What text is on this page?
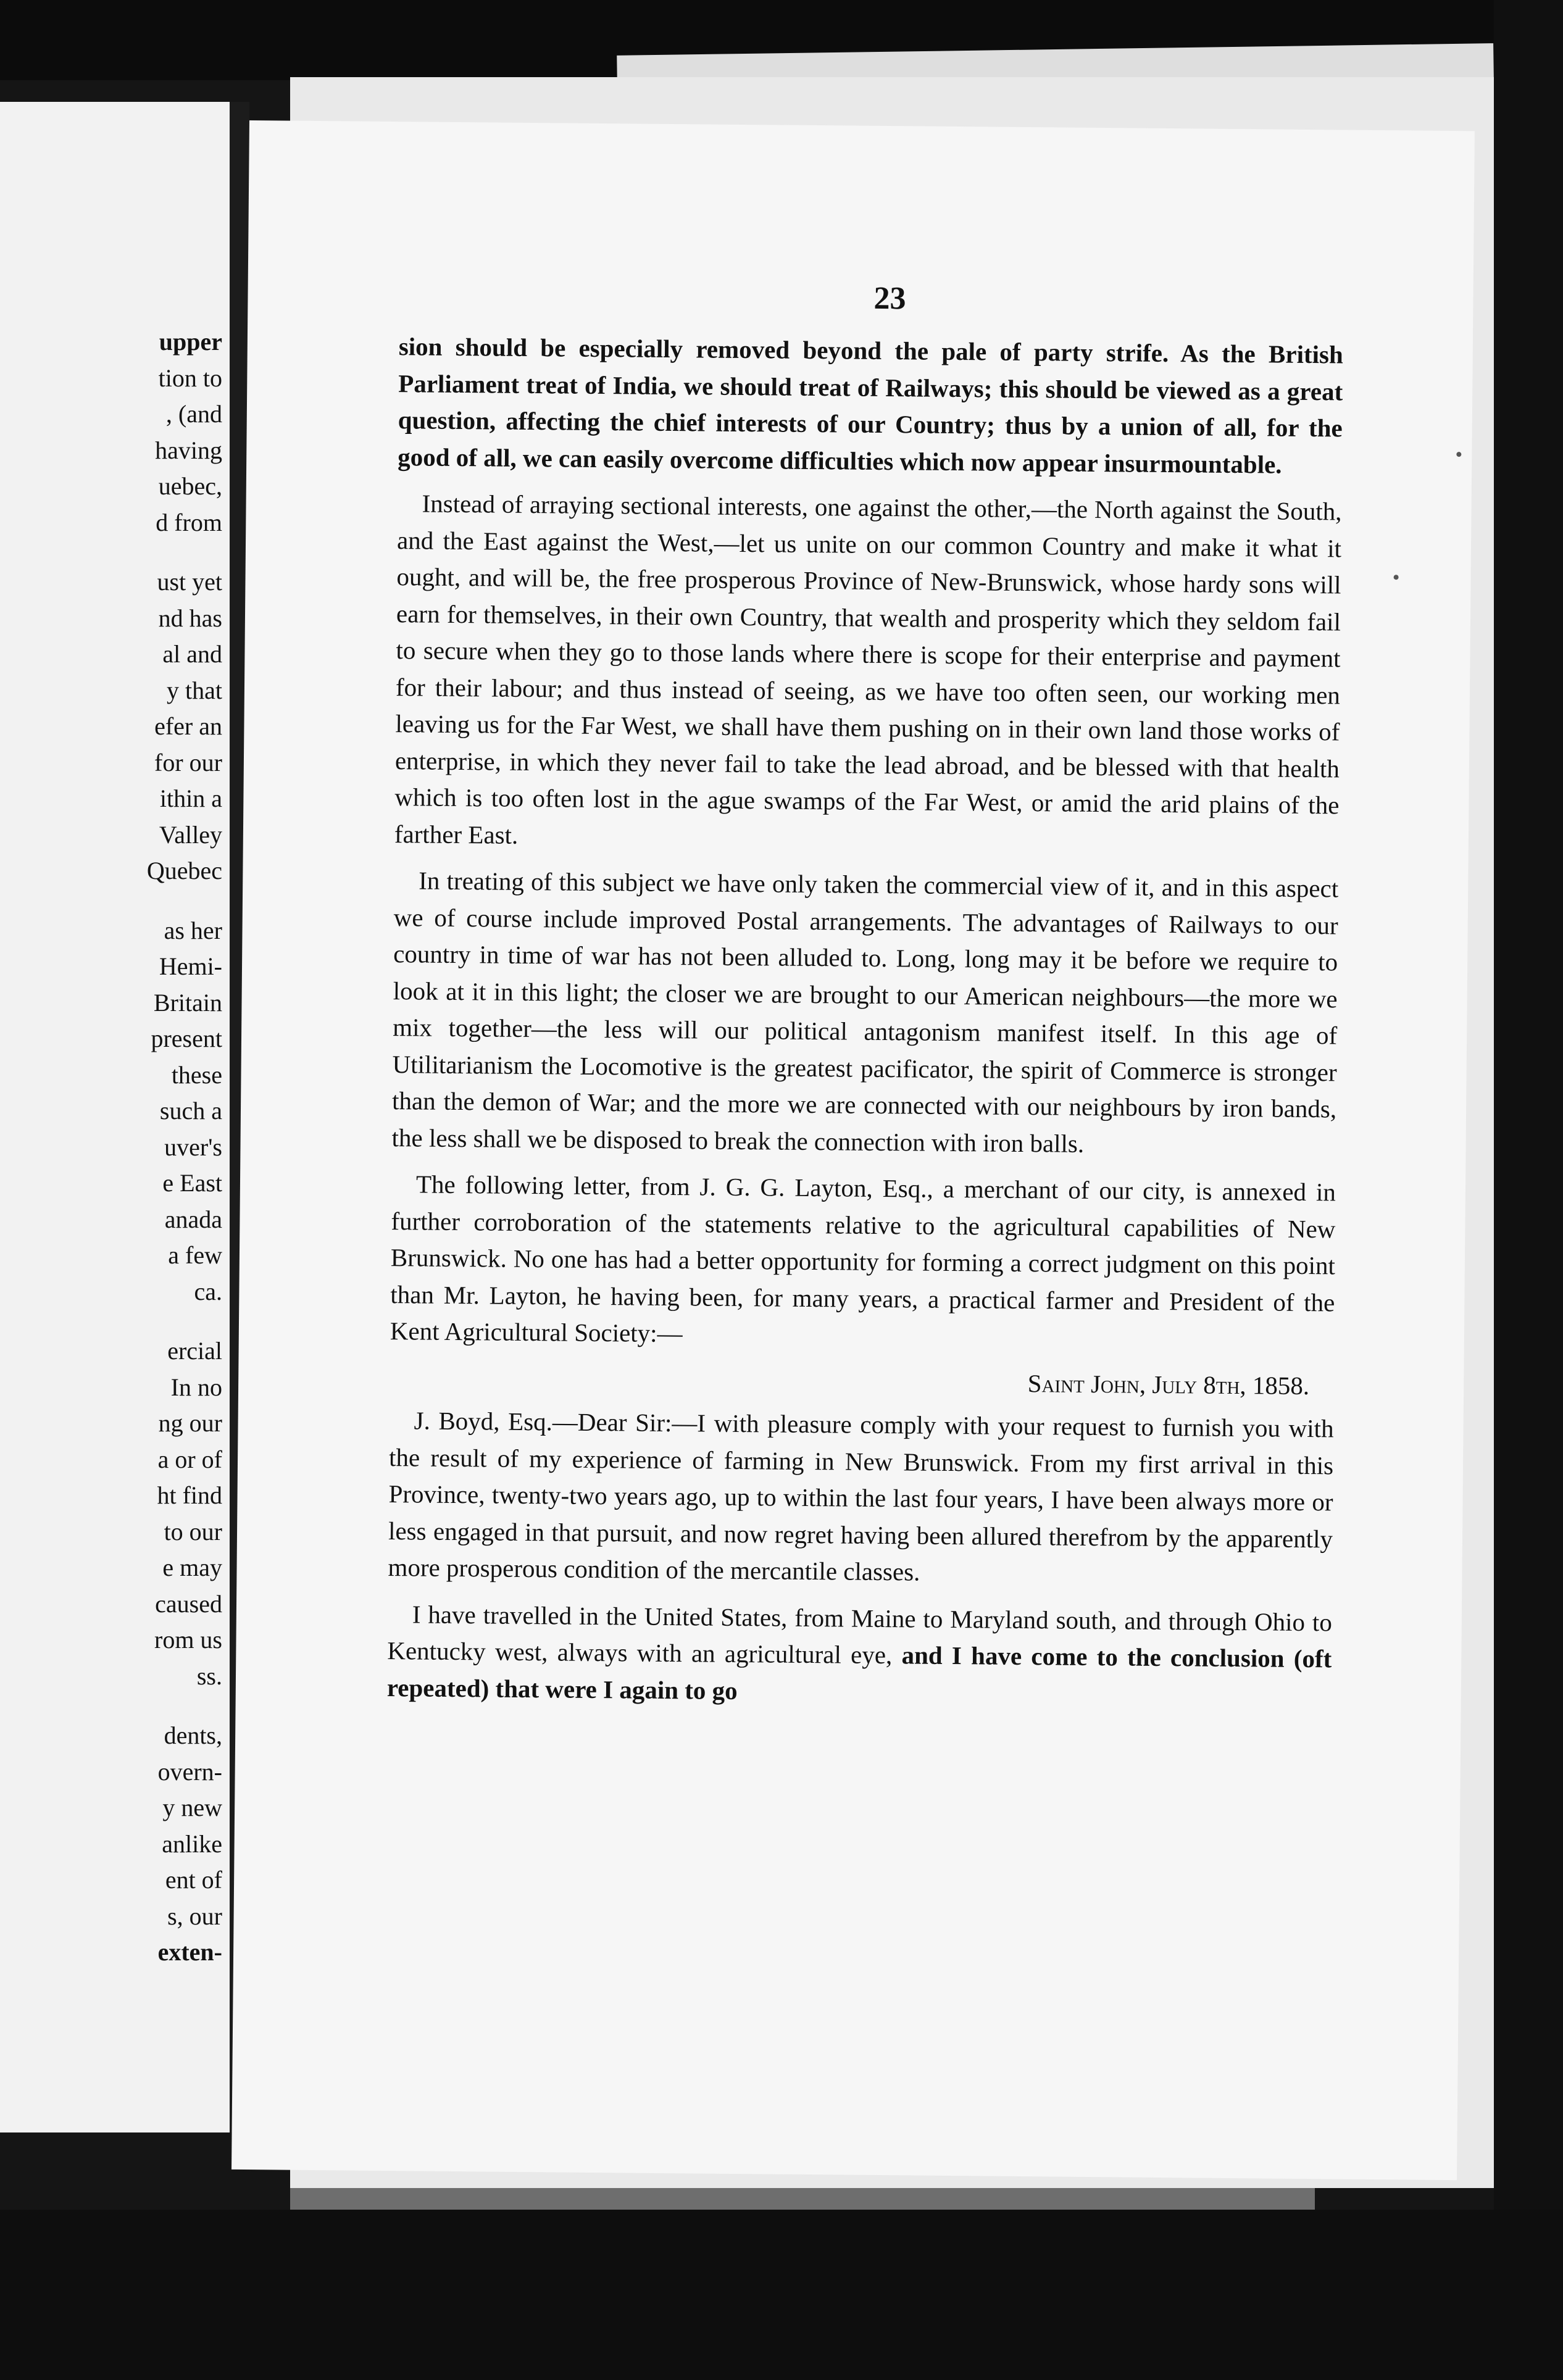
upper
tion to
, (and
having
uebec,
d from
ust yet
nd has
al and
y that
efer an
for our
ithin a
Valley
Quebec
as her
Hemi-
Britain
present
these
such a
uver's
e East
anada
a few
ca.
ercial
In no
ng our
a or of
ht find
to our
e may
caused
rom us
ss.
dents,
overn-
y new
anlike
ent of
s, our
exten-
23

sion should be especially removed beyond the pale of party strife. As the British Parliament treat of India, we should treat of Railways; this should be viewed as a great question, affecting the chief interests of our Country; thus by a union of all, for the good of all, we can easily overcome difficulties which now appear insurmountable.

Instead of arraying sectional interests, one against the other,—the North against the South, and the East against the West,—let us unite on our common Country and make it what it ought, and will be, the free prosperous Province of New-Brunswick, whose hardy sons will earn for themselves, in their own Country, that wealth and prosperity which they seldom fail to secure when they go to those lands where there is scope for their enterprise and payment for their labour; and thus instead of seeing, as we have too often seen, our working men leaving us for the Far West, we shall have them pushing on in their own land those works of enterprise, in which they never fail to take the lead abroad, and be blessed with that health which is too often lost in the ague swamps of the Far West, or amid the arid plains of the farther East.

In treating of this subject we have only taken the commercial view of it, and in this aspect we of course include improved Postal arrangements. The advantages of Railways to our country in time of war has not been alluded to. Long, long may it be before we require to look at it in this light; the closer we are brought to our American neighbours—the more we mix together—the less will our political antagonism manifest itself. In this age of Utilitarianism the Locomotive is the greatest pacificator, the spirit of Commerce is stronger than the demon of War; and the more we are connected with our neighbours by iron bands, the less shall we be disposed to break the connection with iron balls.

The following letter, from J. G. G. Layton, Esq., a merchant of our city, is annexed in further corroboration of the statements relative to the agricultural capabilities of New Brunswick. No one has had a better opportunity for forming a correct judgment on this point than Mr. Layton, he having been, for many years, a practical farmer and President of the Kent Agricultural Society:—

Saint John, July 8th, 1858.

J. Boyd, Esq.—Dear Sir:—I with pleasure comply with your request to furnish you with the result of my experience of farming in New Brunswick. From my first arrival in this Province, twenty-two years ago, up to within the last four years, I have been always more or less engaged in that pursuit, and now regret having been allured therefrom by the apparently more prosperous condition of the mercantile classes.

I have travelled in the United States, from Maine to Maryland south, and through Ohio to Kentucky west, always with an agricultural eye, and I have come to the conclusion (oft repeated) that were I again to go
